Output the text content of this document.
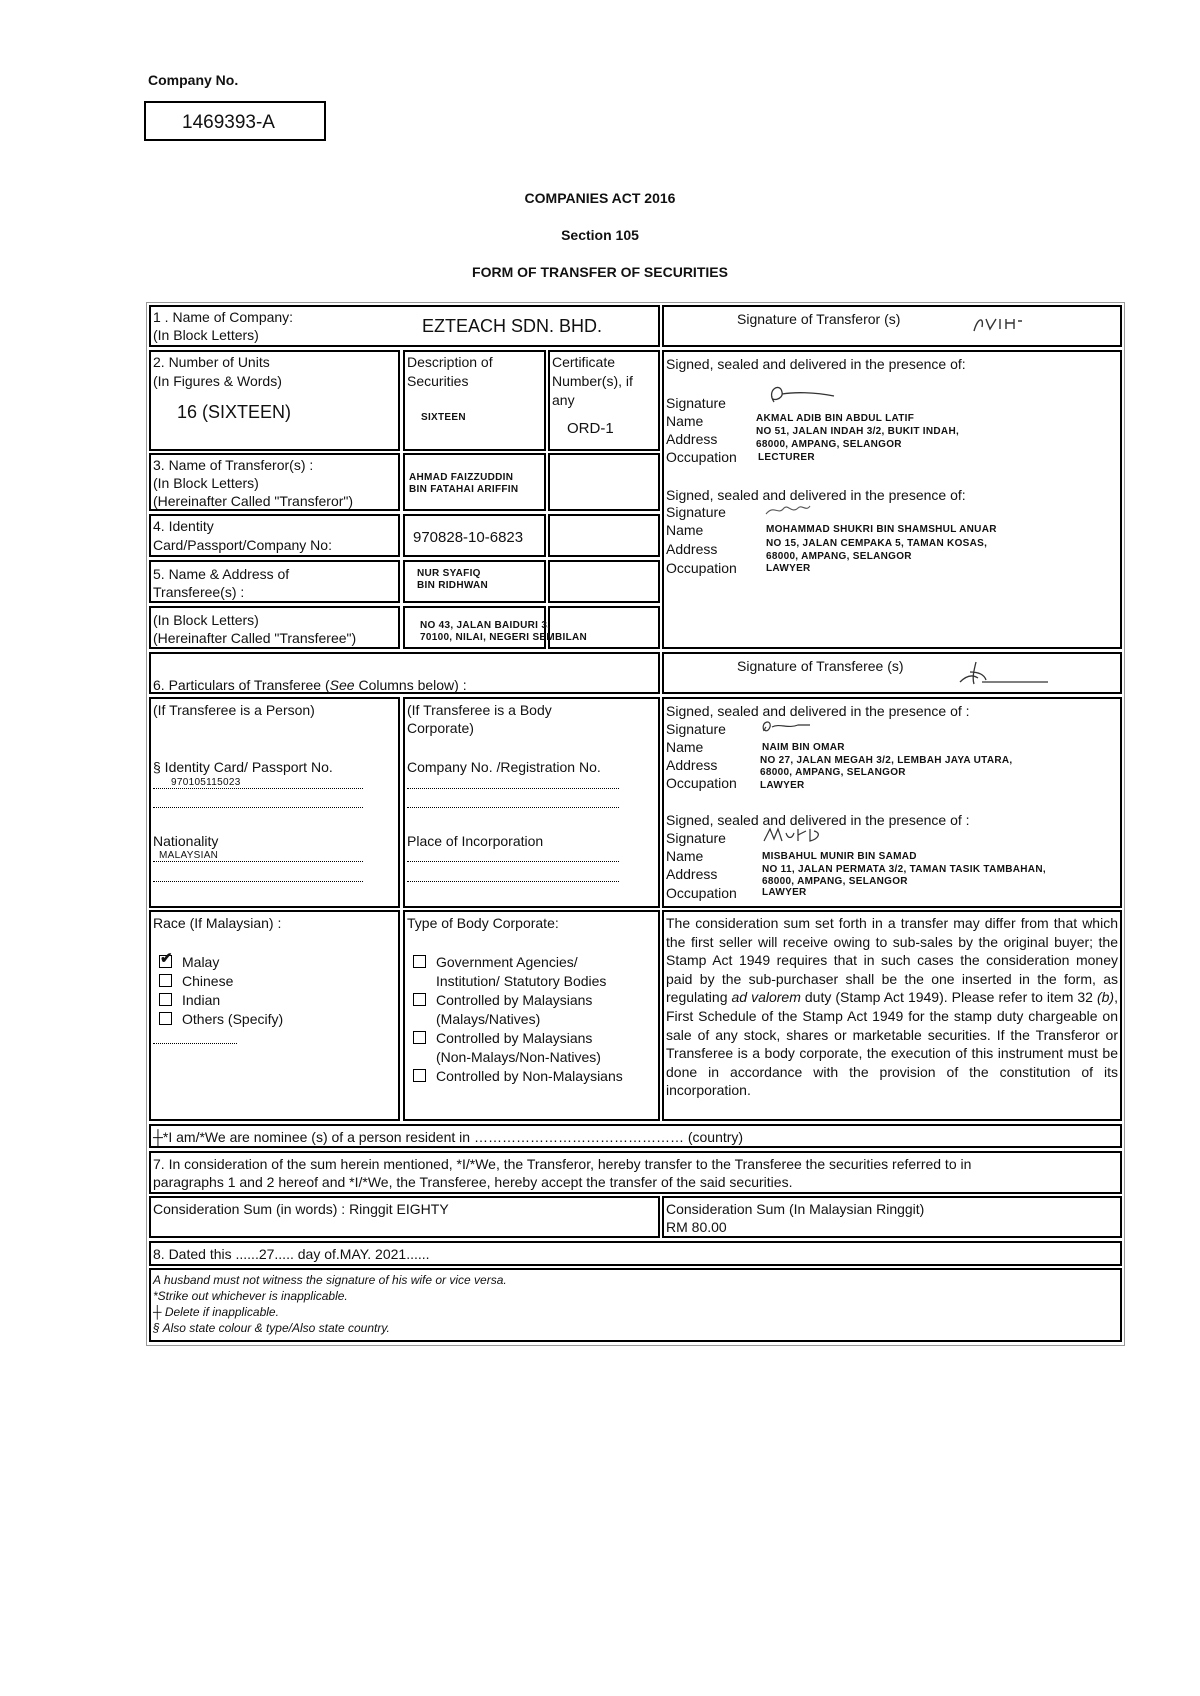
Company No.
1469393-A
COMPANIES ACT 2016
Section 105
FORM OF TRANSFER OF SECURITIES
1 . Name of Company:
(In Block Letters)	EZTEACH SDN. BHD.	Signature of Transferor (s)
2. Number of Units
(In Figures & Words)
16 (SIXTEEN)
Description of
Securities
SIXTEEN
Certificate
Number(s), if
any
ORD-1
Signed, sealed and delivered in the presence of:
Signature
Name	AKMAL ADIB BIN ABDUL LATIF
Address	NO 51, JALAN INDAH 3/2, BUKIT INDAH,
68000, AMPANG, SELANGOR
Occupation LECTURER
Signed, sealed and delivered in the presence of:
Signature
Name	MOHAMMAD SHUKRI BIN SHAMSHUL ANUAR
Address	NO 15, JALAN CEMPAKA 5, TAMAN KOSAS,
68000, AMPANG, SELANGOR
Occupation	LAWYER
3. Name of Transferor(s) :
(In Block Letters)
(Hereinafter Called "Transferor")
AHMAD FAIZZUDDIN
BIN FATAHAI ARIFFIN
4. Identity
Card/Passport/Company No:	970828-10-6823
5. Name & Address of
Transferee(s) :
NUR SYAFIQ
BIN RIDHWAN
(In Block Letters)
(Hereinafter Called "Transferee")
NO 43, JALAN BAIDURI 3,
70100, NILAI, NEGERI SEMBILAN
6. Particulars of Transferee (See Columns below) :
Signature of Transferee (s)
(If Transferee is a Person)
§ Identity Card/ Passport No.
970105115023
Nationality
MALAYSIAN
(If Transferee is a Body
Corporate)
Company No. /Registration No.
Place of Incorporation
Signed, sealed and delivered in the presence of :
Signature
Name	NAIM BIN OMAR
Address	NO 27, JALAN MEGAH 3/2, LEMBAH JAYA UTARA,
68000, AMPANG, SELANGOR
Occupation LAWYER
Signed, sealed and delivered in the presence of :
Signature
Name	MISBAHUL MUNIR BIN SAMAD
Address	NO 11, JALAN PERMATA 3/2, TAMAN TASIK TAMBAHAN,
68000, AMPANG, SELANGOR
Occupation	LAWYER
Race (If Malaysian) :
✔Malay
Chinese
Indian
Others (Specify)
Type of Body Corporate:
Government Agencies/
Institution/ Statutory Bodies
Controlled by Malaysians
(Malays/Natives)
Controlled by Malaysians
(Non-Malays/Non-Natives)
Controlled by Non-Malaysians
The consideration sum set forth in a transfer may differ from that which the first seller will receive owing to sub-sales by the original buyer; the Stamp Act 1949 requires that in such cases the consideration money paid by the sub-purchaser shall be the one inserted in the form, as regulating ad valorem duty (Stamp Act 1949). Please refer to item 32 (b), First Schedule of the Stamp Act 1949 for the stamp duty chargeable on sale of any stock, shares or marketable securities. If the Transferor or Transferee is a body corporate, the execution of this instrument must be done in accordance with the provision of the constitution of its incorporation.
┼*I am/*We are nominee (s) of a person resident in ……………………………………… (country)
7. In consideration of the sum herein mentioned, *I/*We, the Transferor, hereby transfer to the Transferee the securities referred to in
paragraphs 1 and 2 hereof and *I/*We, the Transferee, hereby accept the transfer of the said securities.
Consideration Sum (in words) : Ringgit EIGHTY	Consideration Sum (In Malaysian Ringgit)
RM 80.00
8. Dated this ......27..... day of.MAY. 2021......
A husband must not witness the signature of his wife or vice versa.
*Strike out whichever is inapplicable.
┼ Delete if inapplicable.
§ Also state colour & type/Also state country.
